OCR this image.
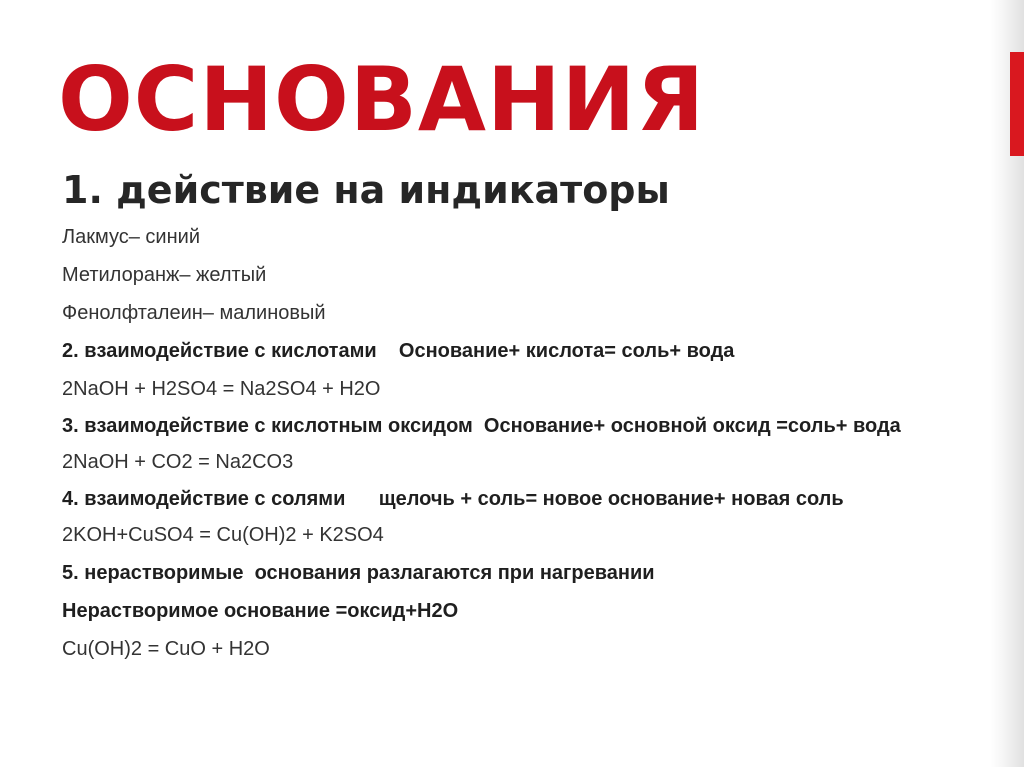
ОСНОВАНИЯ
1. действие на индикаторы

Лакмус– синий

Метилоранж– желтый

Фенолфталеин– малиновый

2. взаимодействие с кислотами    Основание+ кислота= соль+ вода

2NaOH + H2SO4 = Na2SO4 + H2O

3. взаимодействие с кислотным оксидом  Основание+ основной оксид =соль+ вода

2NaOH + CO2 = Na2CO3

4. взаимодействие с солями      щелочь + соль= новое основание+ новая соль

2KOH+CuSO4 = Cu(OH)2 + K2SO4

5. нерастворимые  основания разлагаются при нагревании

Нерастворимое основание =оксид+H2O

Cu(OH)2 = CuO + H2O
